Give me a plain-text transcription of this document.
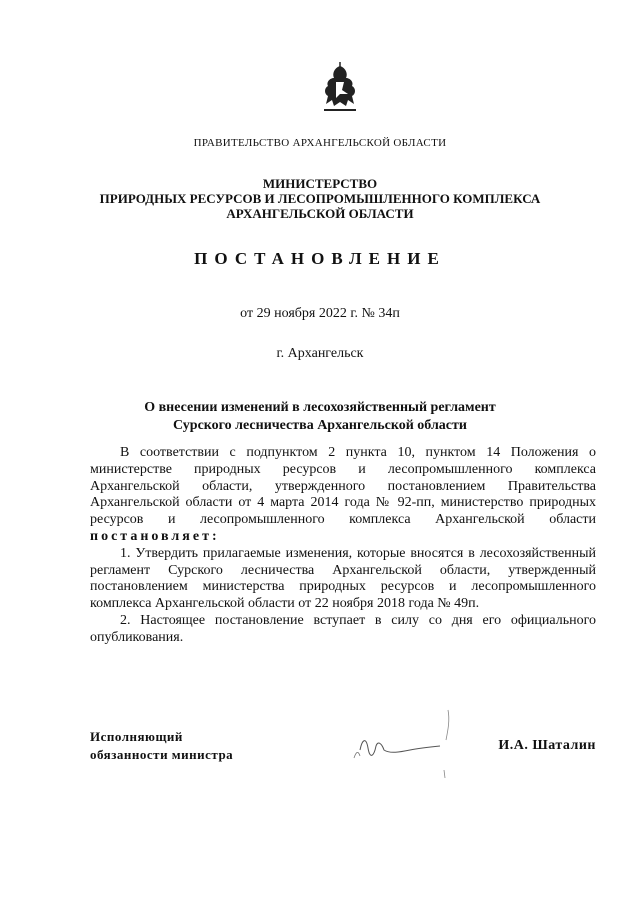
ПРАВИТЕЛЬСТВО АРХАНГЕЛЬСКОЙ ОБЛАСТИ
МИНИСТЕРСТВО
ПРИРОДНЫХ РЕСУРСОВ И ЛЕСОПРОМЫШЛЕННОГО КОМПЛЕКСА
АРХАНГЕЛЬСКОЙ ОБЛАСТИ
ПОСТАНОВЛЕНИЕ
от 29 ноября 2022 г. № 34п
г. Архангельск
О внесении изменений в лесохозяйственный регламент
Сурского лесничества Архангельской области

В соответствии с подпунктом 2 пункта 10, пунктом 14 Положения о министерстве природных ресурсов и лесопромышленного комплекса Архангельской области, утвержденного постановлением Правительства Архангельской области от 4 марта 2014 года № 92-пп, министерство природных ресурсов и лесопромышленного комплекса Архангельской области постановляет:

1. Утвердить прилагаемые изменения, которые вносятся в лесохозяйственный регламент Сурского лесничества Архангельской области, утвержденный постановлением министерства природных ресурсов и лесопромышленного комплекса Архангельской области от 22 ноября 2018 года № 49п.

2. Настоящее постановление вступает в силу со дня его официального опубликования.

Исполняющий
обязанности министра
И.А. Шаталин
